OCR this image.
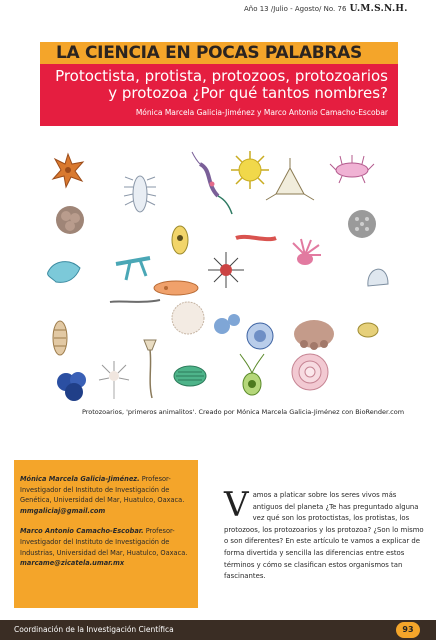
Año 13 /Julio - Agosto/ No. 76 U.M.S.N.H.
LA CIENCIA EN POCAS PALABRAS
Protoctista, protista, protozoos, protozoarios
y protozoa ¿Por qué tantos nombres?
Mónica Marcela Galicia-Jiménez y Marco Antonio Camacho-Escobar
Protozoarios, 'primeros animalitos'. Creado por Mónica Marcela Galicia-Jiménez con BioRender.com

Mónica Marcela Galicia-Jiménez. Profesor-Investigador del Instituto de Investigación de Genética, Universidad del Mar, Huatulco, Oaxaca.
mmgaliciaj@gmail.com

Marco Antonio Camacho-Escobar. Profesor-Investigador del Instituto de Investigación de Industrias, Universidad del Mar, Huatulco, Oaxaca.
marcame@zicatela.umar.mx

Vamos a platicar sobre los seres vivos más antiguos del planeta ¿Te has preguntado alguna vez qué son los protoctistas, los protistas, los protozoos, los protozoarios y los protozoa? ¿Son lo mismo o son diferentes? En este artículo te vamos a explicar de forma divertida y sencilla las diferencias entre estos términos y cómo se clasifican estos organismos tan fascinantes.
Coordinación de la Investigación Científica	93
